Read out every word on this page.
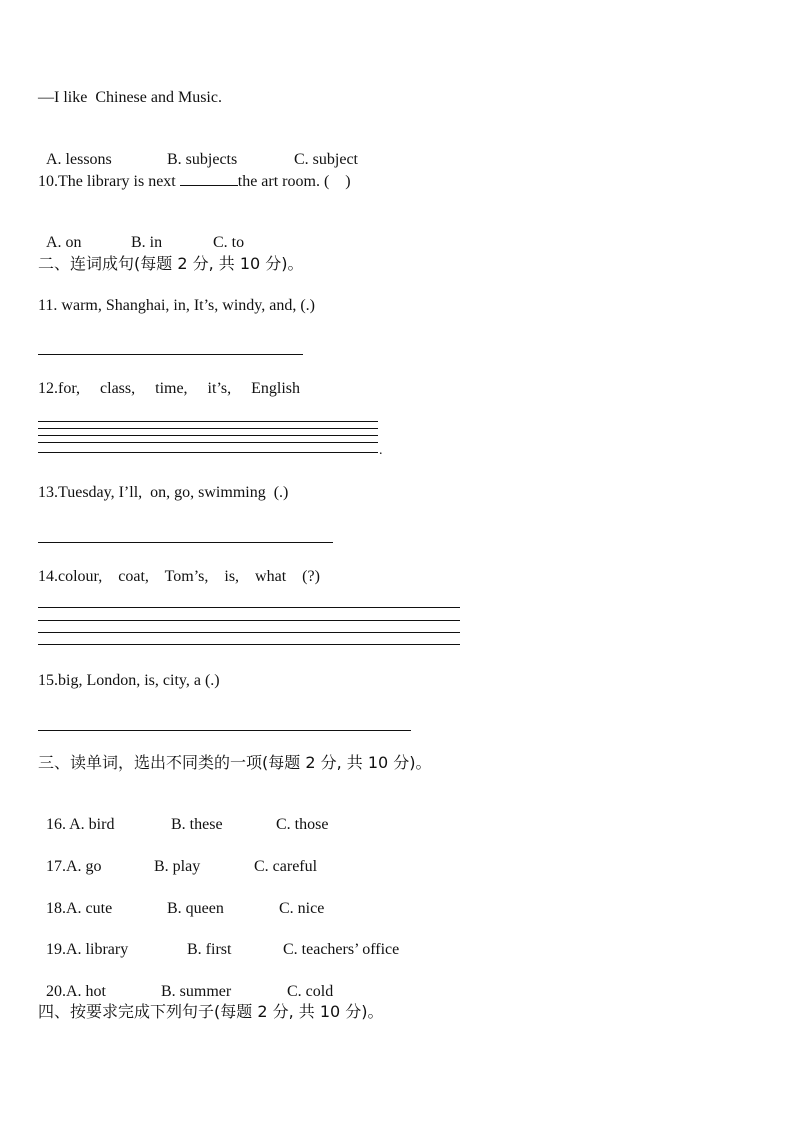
—I like  Chinese and Music.

A. lessons	B. subjects	C. subject

10.The library is next	the art room. (    )

A. on	B. in	C. to

二、连词成句(每题 2 分, 共 10 分)。
11. warm, Shanghai, in, It’s, windy, and, (.)
12.for,     class,     time,     it’s,     English
.
13.Tuesday, I’ll,  on, go, swimming  (.)
14.colour,    coat,    Tom’s,    is,    what    (?)
15.big, London, is, city, a (.)
三、读单词，选出不同类的一项(每题 2 分, 共 10 分)。

16. A. bird	B. these	C. those

17.A. go	B. play	C. careful

18.A. cute	B. queen	C. nice

19.A. library	B. first	C. teachers’ office

20.A. hot	B. summer	C. cold

四、按要求完成下列句子(每题 2 分, 共 10 分)。
